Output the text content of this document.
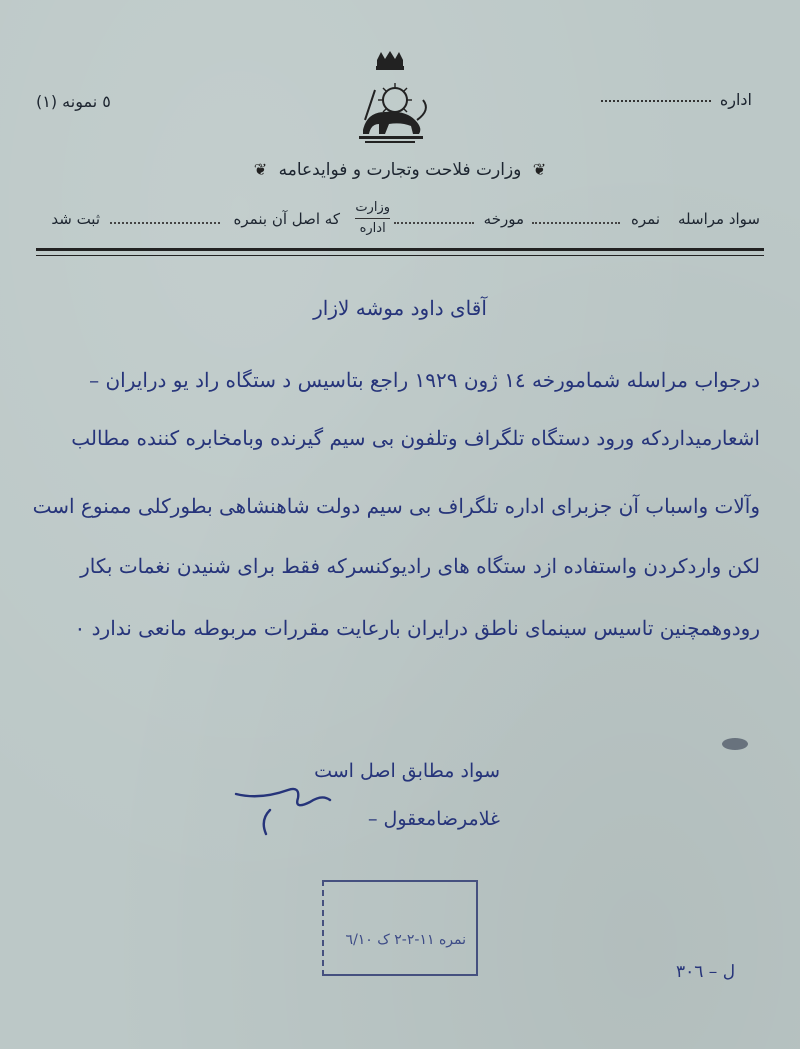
اداره
٥ نمونه (١)
❦ وزارت فلاحت وتجارت و فوایدعامه ❦
سواد مراسله
نمره
مورخه
وزارت
اداره
که اصل آن بنمره
ثبت شد
آقای داود موشه لازار
درجواب مراسله شمامورخه ١٤ ژون ١٩٢٩ راجع بتاسیس د ستگاه راد یو درایران –
اشعارمیداردکه ورود دستگاه تلگراف وتلفون بی سیم گیرنده وبامخابره کننده مطالب
وآلات واسباب آن جزبرای اداره تلگراف بی سیم دولت شاهنشاهی بطورکلی ممنوع است
لکن واردکردن واستفاده ازد ستگاه های رادیوکنسرکه فقط برای شنیدن نغمات بکار
رودوهمچنین تاسیس سینمای ناطق درایران بارعایت مقررات مربوطه مانعی ندارد ٠
سواد مطابق اصل است
غلامرضامعقول –
نمره ١١-٢-٢ ک ٦/١٠
ل – ٣٠٦
